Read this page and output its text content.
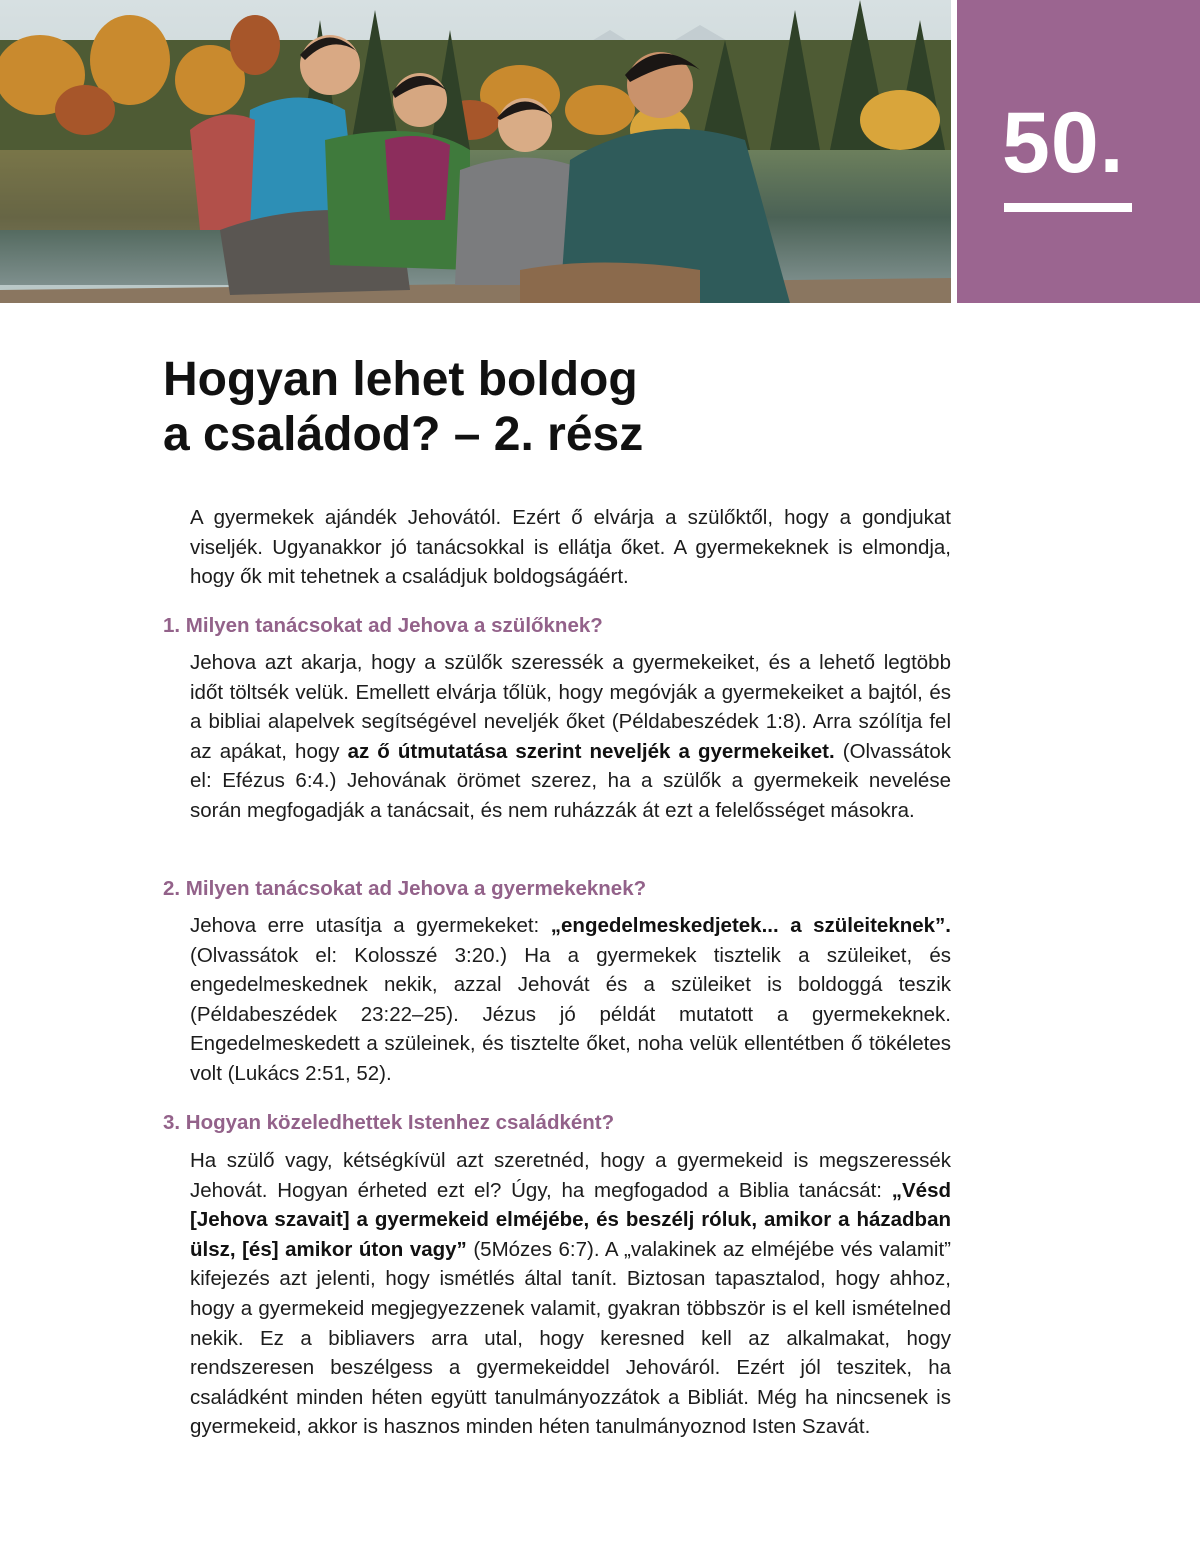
50.
Hogyan lehet boldog
a családod? – 2. rész

A gyermekek ajándék Jehovától. Ezért ő elvárja a szülőktől, hogy a gondjukat viseljék. Ugyanakkor jó tanácsokkal is ellátja őket. A gyermekeknek is elmondja, hogy ők mit tehetnek a családjuk boldogságáért.

1. Milyen tanácsokat ad Jehova a szülőknek?

Jehova azt akarja, hogy a szülők szeressék a gyermekeiket, és a lehető legtöbb időt töltsék velük. Emellett elvárja tőlük, hogy megóvják a gyermekeiket a bajtól, és a bibliai alapelvek segítségével neveljék őket (Példabeszédek 1:8). Arra szólítja fel az apákat, hogy az ő útmutatása szerint neveljék a gyermekeiket. (Olvassátok el: Efézus 6:4.) Jehovának örömet szerez, ha a szülők a gyermekeik nevelése során megfogadják a tanácsait, és nem ruházzák át ezt a felelősséget másokra.

2. Milyen tanácsokat ad Jehova a gyermekeknek?

Jehova erre utasítja a gyermekeket: „engedelmeskedjetek... a szüleiteknek”. (Olvassátok el: Kolosszé 3:20.) Ha a gyermekek tisztelik a szüleiket, és engedelmeskednek nekik, azzal Jehovát és a szüleiket is boldoggá teszik (Példabeszédek 23:22–25). Jézus jó példát mutatott a gyermekeknek. Engedelmeskedett a szüleinek, és tisztelte őket, noha velük ellentétben ő tökéletes volt (Lukács 2:51, 52).

3. Hogyan közeledhettek Istenhez családként?

Ha szülő vagy, kétségkívül azt szeretnéd, hogy a gyermekeid is megszeressék Jehovát. Hogyan érheted ezt el? Úgy, ha megfogadod a Biblia tanácsát: „Vésd [Jehova szavait] a gyermekeid elméjébe, és beszélj róluk, amikor a házadban ülsz, [és] amikor úton vagy” (5Mózes 6:7). A „valakinek az elméjébe vés valamit” kifejezés azt jelenti, hogy ismétlés által tanít. Biztosan tapasztalod, hogy ahhoz, hogy a gyermekeid megjegyezzenek valamit, gyakran többször is el kell ismételned nekik. Ez a bibliavers arra utal, hogy keresned kell az alkalmakat, hogy rendszeresen beszélgess a gyermekeiddel Jehováról. Ezért jól teszitek, ha családként minden héten együtt tanulmányozzátok a Bibliát. Még ha nincsenek is gyermekeid, akkor is hasznos minden héten tanulmányoznod Isten Szavát.
